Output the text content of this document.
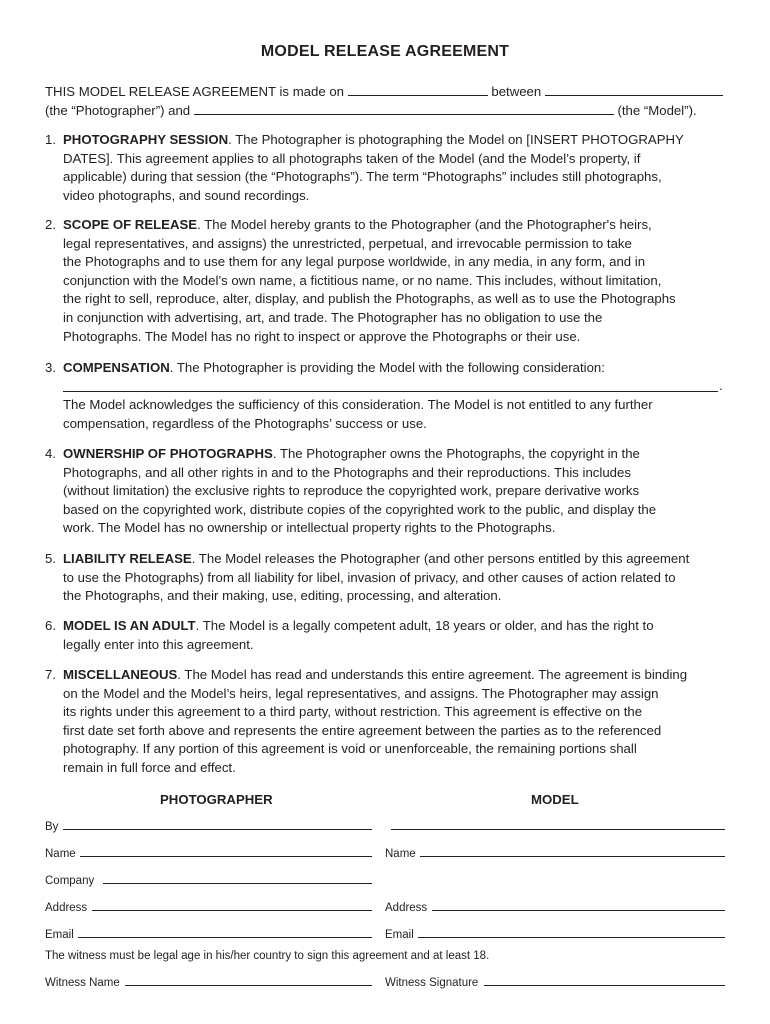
MODEL RELEASE AGREEMENT
THIS MODEL RELEASE AGREEMENT is made on	between
(the “Photographer”) and	(the “Model”).
1. PHOTOGRAPHY SESSION. The Photographer is photographing the Model on [INSERT PHOTOGRAPHY
DATES]. This agreement applies to all photographs taken of the Model (and the Model’s property, if
applicable) during that session (the “Photographs”). The term “Photographs” includes still photographs,
video photographs, and sound recordings.
2. SCOPE OF RELEASE. The Model hereby grants to the Photographer (and the Photographer's heirs,
legal representatives, and assigns) the unrestricted, perpetual, and irrevocable permission to take
the Photographs and to use them for any legal purpose worldwide, in any media, in any form, and in
conjunction with the Model’s own name, a fictitious name, or no name. This includes, without limitation,
the right to sell, reproduce, alter, display, and publish the Photographs, as well as to use the Photographs
in conjunction with advertising, art, and trade. The Photographer has no obligation to use the
Photographs. The Model has no right to inspect or approve the Photographs or their use.
3. COMPENSATION. The Photographer is providing the Model with the following consideration:
.
The Model acknowledges the sufficiency of this consideration. The Model is not entitled to any further
compensation, regardless of the Photographs’ success or use.
4. OWNERSHIP OF PHOTOGRAPHS. The Photographer owns the Photographs, the copyright in the
Photographs, and all other rights in and to the Photographs and their reproductions. This includes
(without limitation) the exclusive rights to reproduce the copyrighted work, prepare derivative works
based on the copyrighted work, distribute copies of the copyrighted work to the public, and display the
work. The Model has no ownership or intellectual property rights to the Photographs.
5. LIABILITY RELEASE. The Model releases the Photographer (and other persons entitled by this agreement
to use the Photographs) from all liability for libel, invasion of privacy, and other causes of action related to
the Photographs, and their making, use, editing, processing, and alteration.
6. MODEL IS AN ADULT. The Model is a legally competent adult, 18 years or older, and has the right to
legally enter into this agreement.
7. MISCELLANEOUS. The Model has read and understands this entire agreement. The agreement is binding
on the Model and the Model’s heirs, legal representatives, and assigns. The Photographer may assign
its rights under this agreement to a third party, without restriction. This agreement is effective on the
first date set forth above and represents the entire agreement between the parties as to the referenced
photography. If any portion of this agreement is void or unenforceable, the remaining portions shall
remain in full force and effect.
PHOTOGRAPHER	MODEL
By
Name	Name
Company
Address	Address
Email	Email
The witness must be legal age in his/her country to sign this agreement and at least 18.
Witness Name	Witness Signature
